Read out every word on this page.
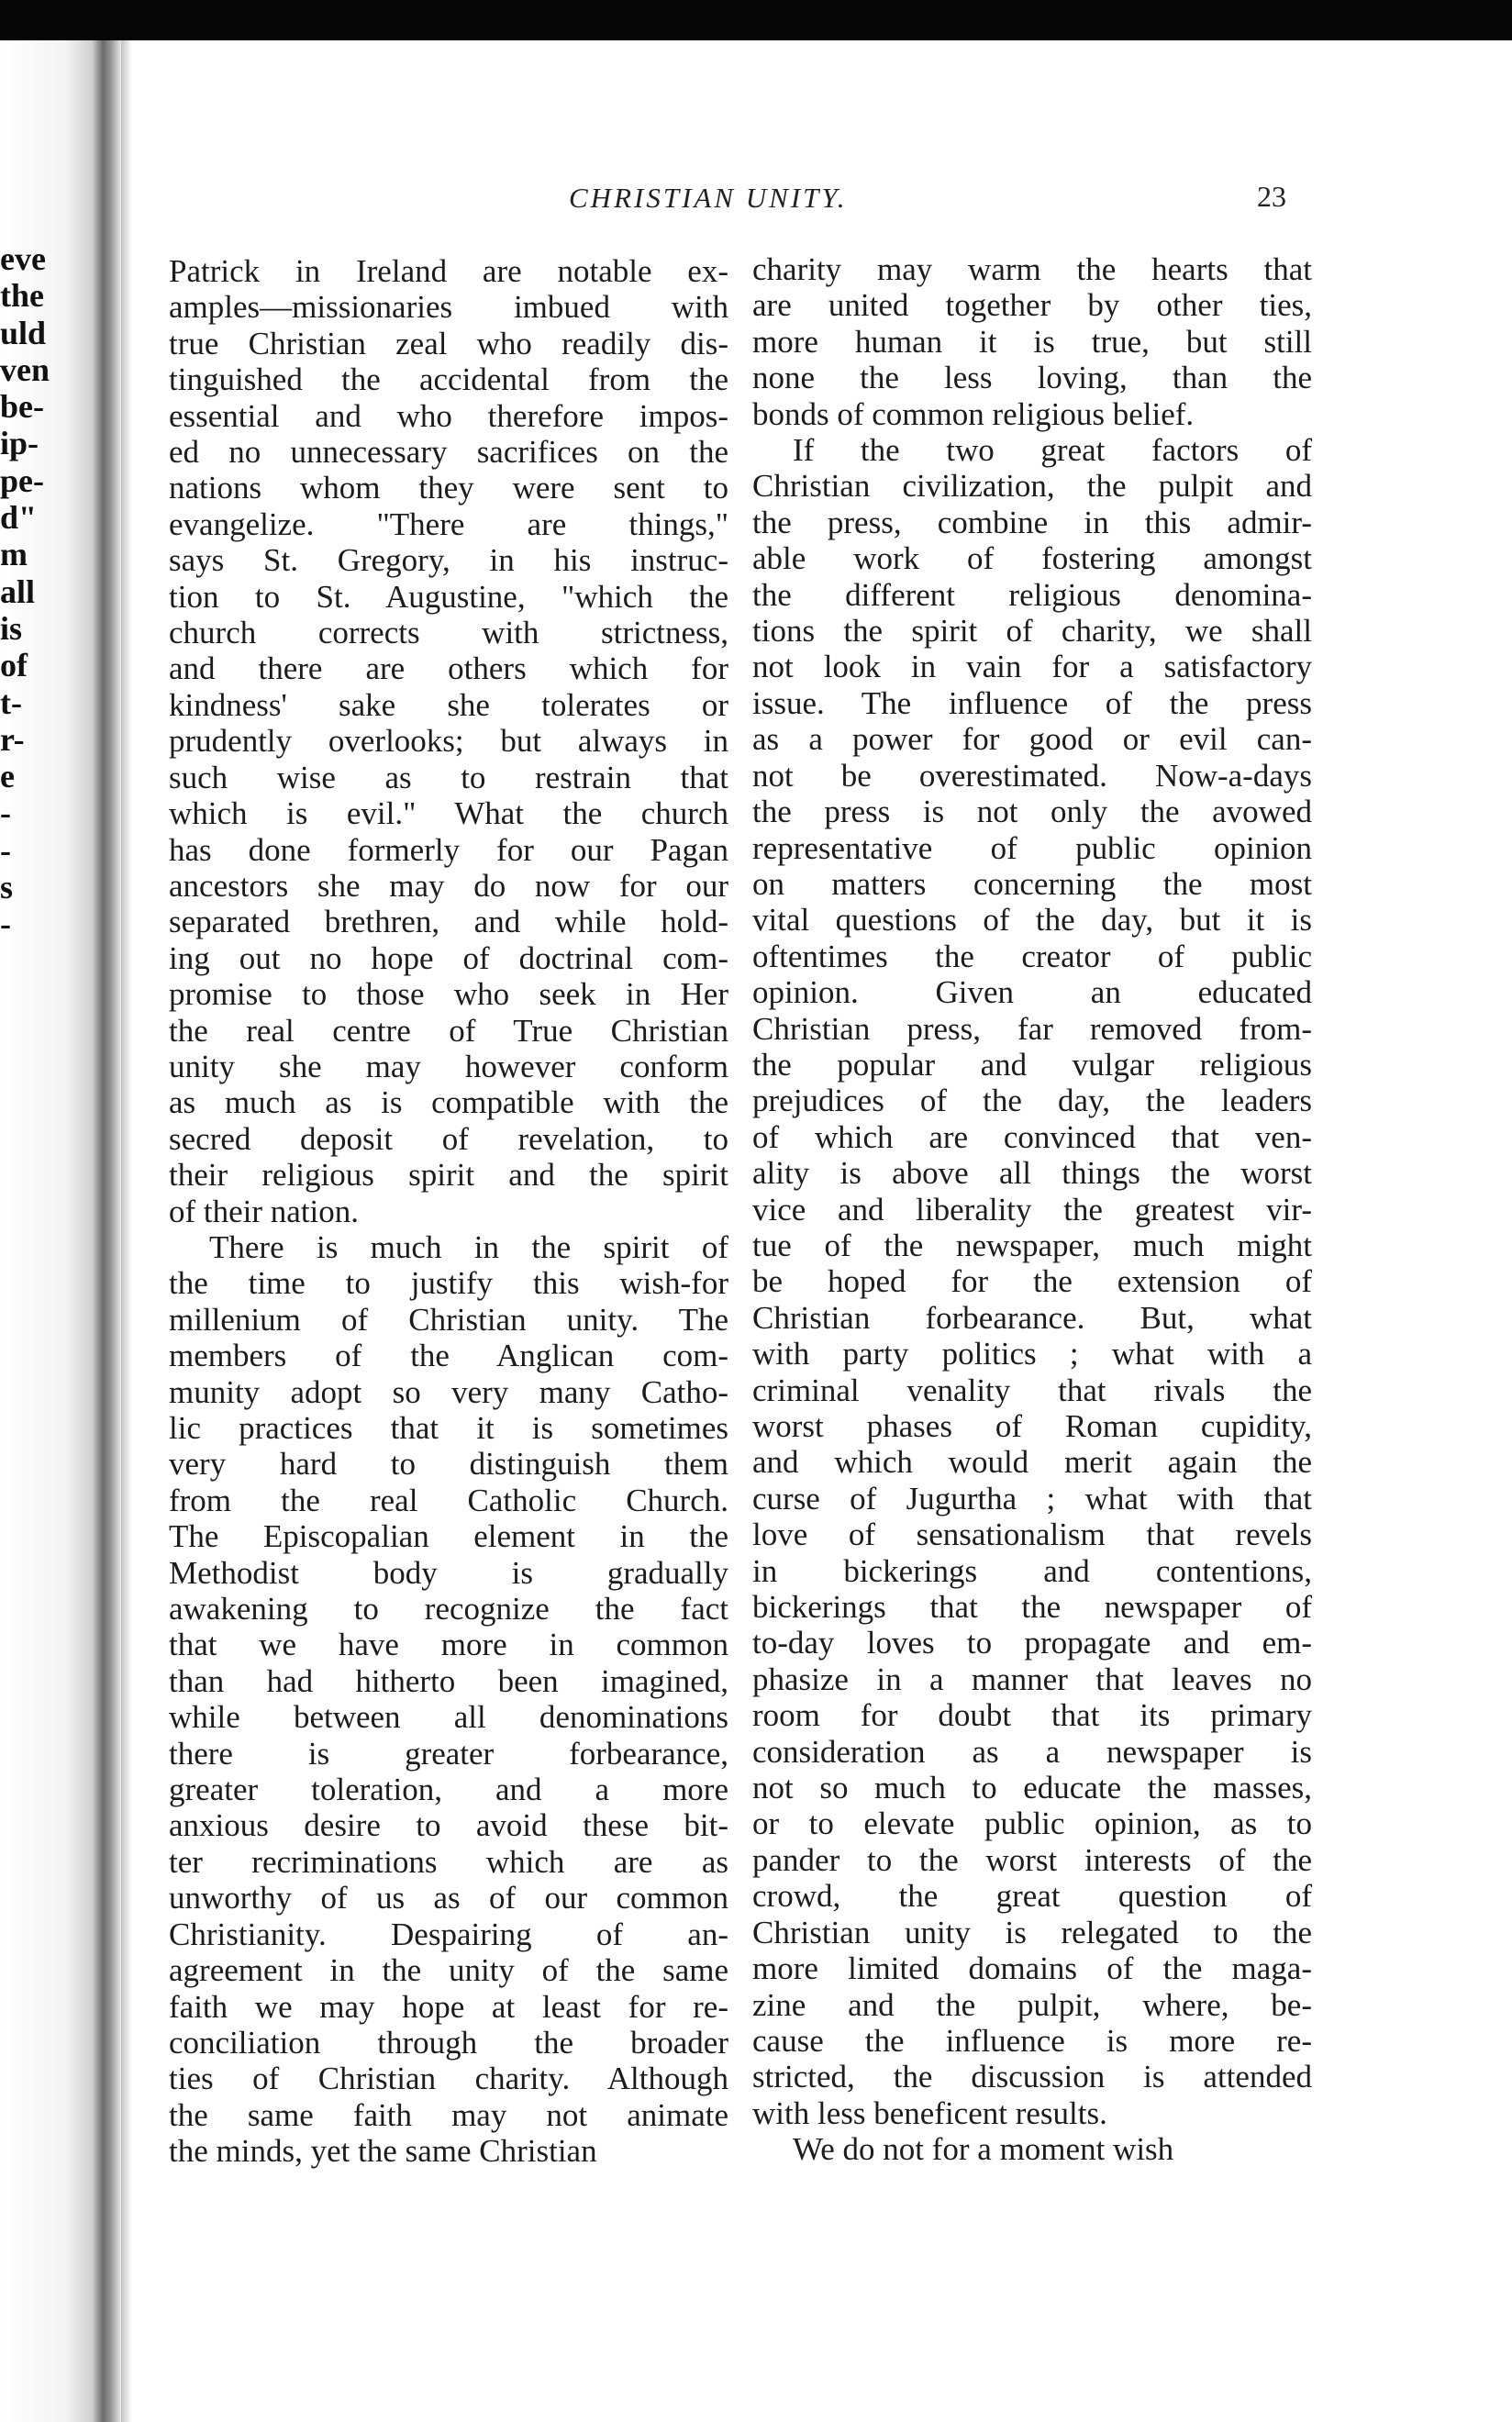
eve
the
uld
ven
be-
ip-
pe-
d"
m
all
is
of
t-
r-
e
-
-
s
-
CHRISTIAN UNITY.	23
Patrick in Ireland are notable ex-
amples—missionaries imbued with
true Christian zeal who readily dis-
tinguished the accidental from the
essential and who therefore impos-
ed no unnecessary sacrifices on the
nations whom they were sent to
evangelize. "There are things,"
says St. Gregory, in his instruc-
tion to St. Augustine, "which the
church corrects with strictness,
and there are others which for
kindness' sake she tolerates or
prudently overlooks; but always in
such wise as to restrain that
which is evil." What the church
has done formerly for our Pagan
ancestors she may do now for our
separated brethren, and while hold-
ing out no hope of doctrinal com-
promise to those who seek in Her
the real centre of True Christian
unity she may however conform
as much as is compatible with the
secred deposit of revelation, to
their religious spirit and the spirit
of their nation.
There is much in the spirit of
the time to justify this wish-for
millenium of Christian unity. The
members of the Anglican com-
munity adopt so very many Catho-
lic practices that it is sometimes
very hard to distinguish them
from the real Catholic Church.
The Episcopalian element in the
Methodist body is gradually
awakening to recognize the fact
that we have more in common
than had hitherto been imagined,
while between all denominations
there is greater forbearance,
greater toleration, and a more
anxious desire to avoid these bit-
ter recriminations which are as
unworthy of us as of our common
Christianity. Despairing of an-
agreement in the unity of the same
faith we may hope at least for re-
conciliation through the broader
ties of Christian charity. Although
the same faith may not animate
the minds, yet the same Christian
charity may warm the hearts that
are united together by other ties,
more human it is true, but still
none the less loving, than the
bonds of common religious belief.
If the two great factors of
Christian civilization, the pulpit and
the press, combine in this admir-
able work of fostering amongst
the different religious denomina-
tions the spirit of charity, we shall
not look in vain for a satisfactory
issue. The influence of the press
as a power for good or evil can-
not be overestimated. Now-a-days
the press is not only the avowed
representative of public opinion
on matters concerning the most
vital questions of the day, but it is
oftentimes the creator of public
opinion. Given an educated
Christian press, far removed from-
the popular and vulgar religious
prejudices of the day, the leaders
of which are convinced that ven-
ality is above all things the worst
vice and liberality the greatest vir-
tue of the newspaper, much might
be hoped for the extension of
Christian forbearance. But, what
with party politics ; what with a
criminal venality that rivals the
worst phases of Roman cupidity,
and which would merit again the
curse of Jugurtha ; what with that
love of sensationalism that revels
in bickerings and contentions,
bickerings that the newspaper of
to-day loves to propagate and em-
phasize in a manner that leaves no
room for doubt that its primary
consideration as a newspaper is
not so much to educate the masses,
or to elevate public opinion, as to
pander to the worst interests of the
crowd, the great question of
Christian unity is relegated to the
more limited domains of the maga-
zine and the pulpit, where, be-
cause the influence is more re-
stricted, the discussion is attended
with less beneficent results.
We do not for a moment wish
